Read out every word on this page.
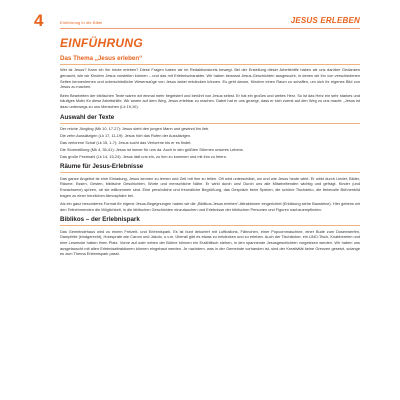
4	Einführung in die Bibel	JESUS ERLEBEN
EINFÜHRUNG
Das Thema „Jesus erleben“

Wer ist Jesus? Kann ich ihn heute erleben? Diese Fragen haben wir im Redaktionskreis bewegt. Bei der Erstellung dieser Arbeitshilfe haben wir uns darüber Gedanken gemacht, wie wir Kindern Jesus vorstellen können – und das mit Erlebnischarakter. Wir haben bewusst Jesus-Geschichten ausgesucht, in denen wir ihn von verschiedenen Seiten kennenlernen und unterschiedliche Wesenszüge von Jesus dabei entdecken können. Es geht darum, Kindern einen Raum zu schaffen, um sich ihr eigenes Bild von Jesus zu machen.

Beim Bearbeiten der biblischen Texte waren wir einmal mehr begeistert und berührt von Jesus selbst. Er hat ein großes und weites Herz. So ist das Herz ein sehr starkes und häufiges Motiv für diese Arbeitshilfe. Wir waren auf dem Weg, Jesus erlebbar zu machen. Dabei hat er uns gezeigt, dass er sich zuerst auf den Weg zu uns macht: „Jesus ist dazu unterwegs zu uns Menschen (Lk 19,10).

Auswahl der Texte
Der reiche Jüngling (Mk 10, 17-27): Jesus sieht den jungen Mann und gewinnt ihn lieb.
Die zehn Aussätzigen (Lk 17, 11-19): Jesus hört das Rufen der Aussätzigen.
Das verlorene Schaf (Lk 15, 1-7): Jesus sucht das Verlorene bis er es findet.
Die Sturmstillung (Mk 4, 35-41): Jesus ist immer für uns da. Auch in den größten Stürmen unseres Lebens.
Das große Festmahl (Lk 14, 15-24): Jesus lädt uns ein, zu ihm zu kommen und mit ihm zu feiern.
Räume für Jesus-Erlebnisse

Das ganze Angebot ist eine Einladung, Jesus kennen zu lernen und Zeit mit ihm zu teilen. Oft wird unterschätzt, wo und wie Jesus heute wirkt. Er wirkt durch Lieder, Bilder, Räume, Essen, Gesten, biblische Geschichten, Worte und menschliche Nähe. Er wirkt durch uns! Durch uns alle Mitarbeitenden wichtig und gefragt. Kinder (und Erwachsene) spüren, ob sie willkommen sind. Eine persönliche und freundliche Begrüßung, das Gespräch beim Spielen, die schöne Tischdeko, die liebevolle Bühnenbild tragen zu einer herzlichen Atmosphäre bei.

Als ein ganz besonderes Format für eigene Jesus-Begegnungen haben wir die „Biblikos-Jesus erleben“-Attraktionen eingerichtet (Erklärung siehe Bausteine). Hier gebens wir den Teilnehmenden die Möglichkeit, in die biblischen Geschichten einzutauchen und Erlebnisse der biblischen Personen und Figuren nachzuempfinden.

Biblikos – der Erlebnispark

Das Gemeindehaus wird zu einem Freizeit- und Erlebnispark. Es ist bunt dekoriert mit Luftballons, Fähnchen, einer Popcornmaschine, einer Bude zum Dosenwerfen, Dampfeile (kindgerecht), Holzsprate wie Carom und Jakolo, u.v.m. Überall gibt es etwas zu entdecken und zu erleben. Auch der Tischkicker, ein UNO-Tisch, Knabbereien und eine Leseecke haben ihren Platz. Vorne auf oder neben der Bühne können ein Erzähltisch stehen, in den spannende Jesusgeschichten vorgelesen werden. Wir haben uns ausgetauscht mit allen Erlebnisattraktionen können eingebaut werden. Je nachdem, was in der Gemeinde vorhanden ist, sind der Kreativität keine Grenzen gesetzt, solange es zum Thema Erlebnispark passt.
